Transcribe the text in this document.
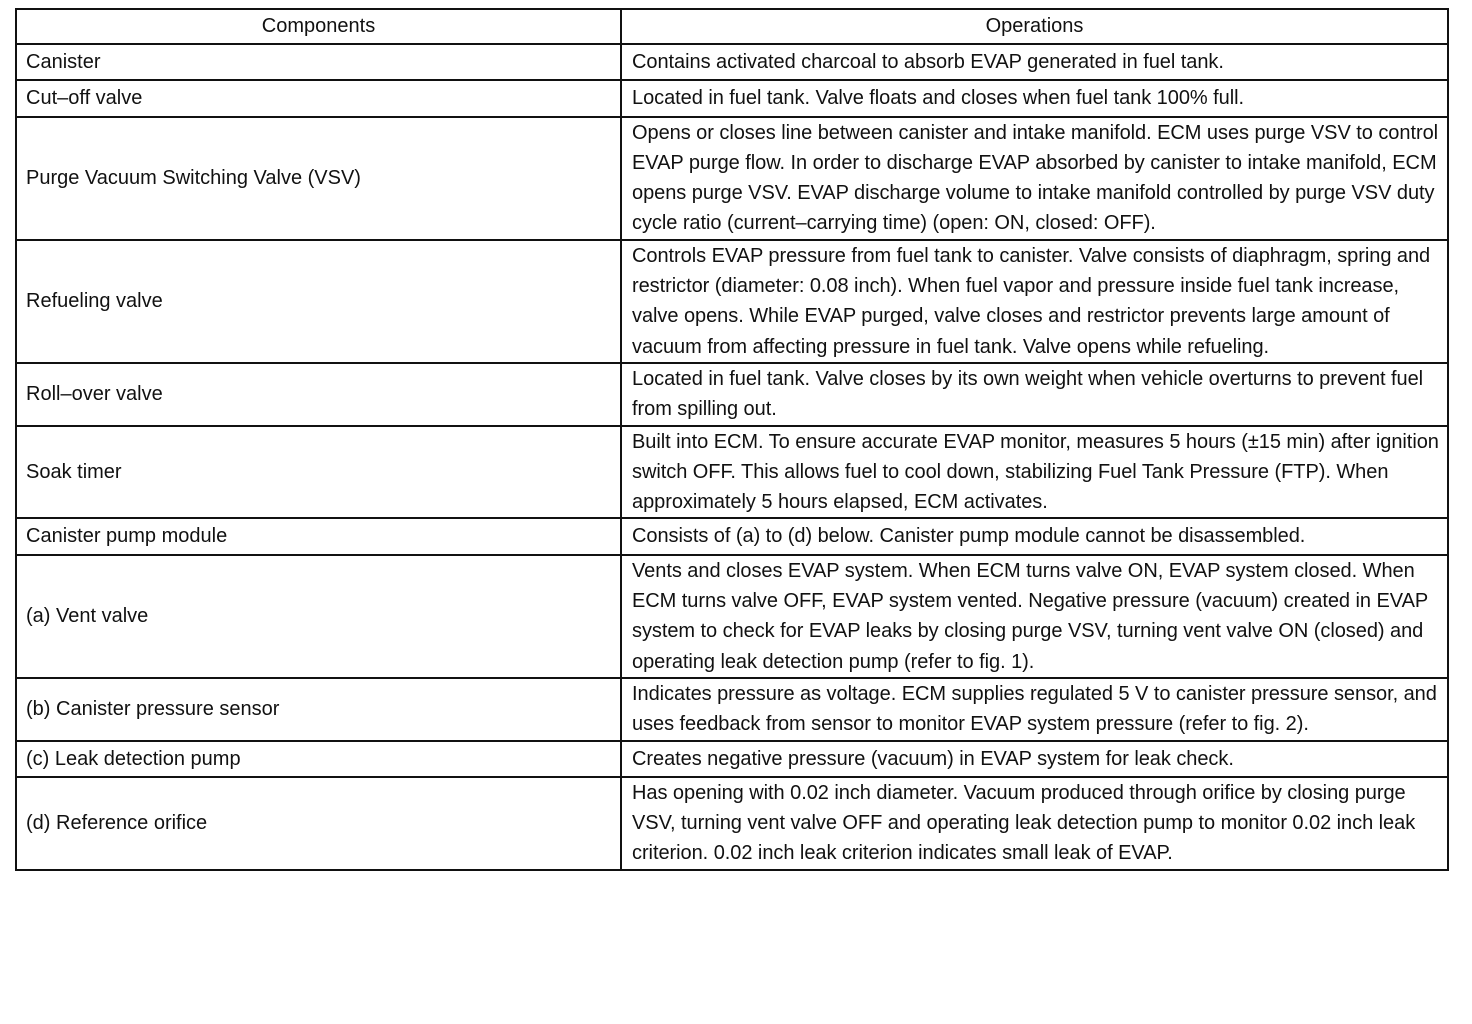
Components	Operations
Canister	Contains activated charcoal to absorb EVAP generated in fuel tank.
Cut–off valve	Located in fuel tank. Valve floats and closes when fuel tank 100% full.
Purge Vacuum Switching Valve (VSV)	Opens or closes line between canister and intake manifold. ECM uses purge VSV to control EVAP purge flow. In order to discharge EVAP absorbed by canister to intake manifold, ECM opens purge VSV. EVAP discharge volume to intake manifold controlled by purge VSV duty cycle ratio (current–carrying time) (open: ON, closed: OFF).
Refueling valve	Controls EVAP pressure from fuel tank to canister. Valve consists of diaphragm, spring and restrictor (diameter: 0.08 inch). When fuel vapor and pressure inside fuel tank increase, valve opens. While EVAP purged, valve closes and restrictor prevents large amount of vacuum from affecting pressure in fuel tank. Valve opens while refueling.
Roll–over valve	Located in fuel tank. Valve closes by its own weight when vehicle overturns to prevent fuel from spilling out.
Soak timer	Built into ECM. To ensure accurate EVAP monitor, measures 5 hours (±15 min) after ignition switch OFF. This allows fuel to cool down, stabilizing Fuel Tank Pressure (FTP). When approximately 5 hours elapsed, ECM activates.
Canister pump module	Consists of (a) to (d) below. Canister pump module cannot be disassembled.
(a) Vent valve	Vents and closes EVAP system. When ECM turns valve ON, EVAP system closed. When ECM turns valve OFF, EVAP system vented. Negative pressure (vacuum) created in EVAP system to check for EVAP leaks by closing purge VSV, turning vent valve ON (closed) and operating leak detection pump (refer to fig. 1).
(b) Canister pressure sensor	Indicates pressure as voltage. ECM supplies regulated 5 V to canister pressure sensor, and uses feedback from sensor to monitor EVAP system pressure (refer to fig. 2).
(c) Leak detection pump	Creates negative pressure (vacuum) in EVAP system for leak check.
(d) Reference orifice	Has opening with 0.02 inch diameter. Vacuum produced through orifice by closing purge VSV, turning vent valve OFF and operating leak detection pump to monitor 0.02 inch leak criterion. 0.02 inch leak criterion indicates small leak of EVAP.
